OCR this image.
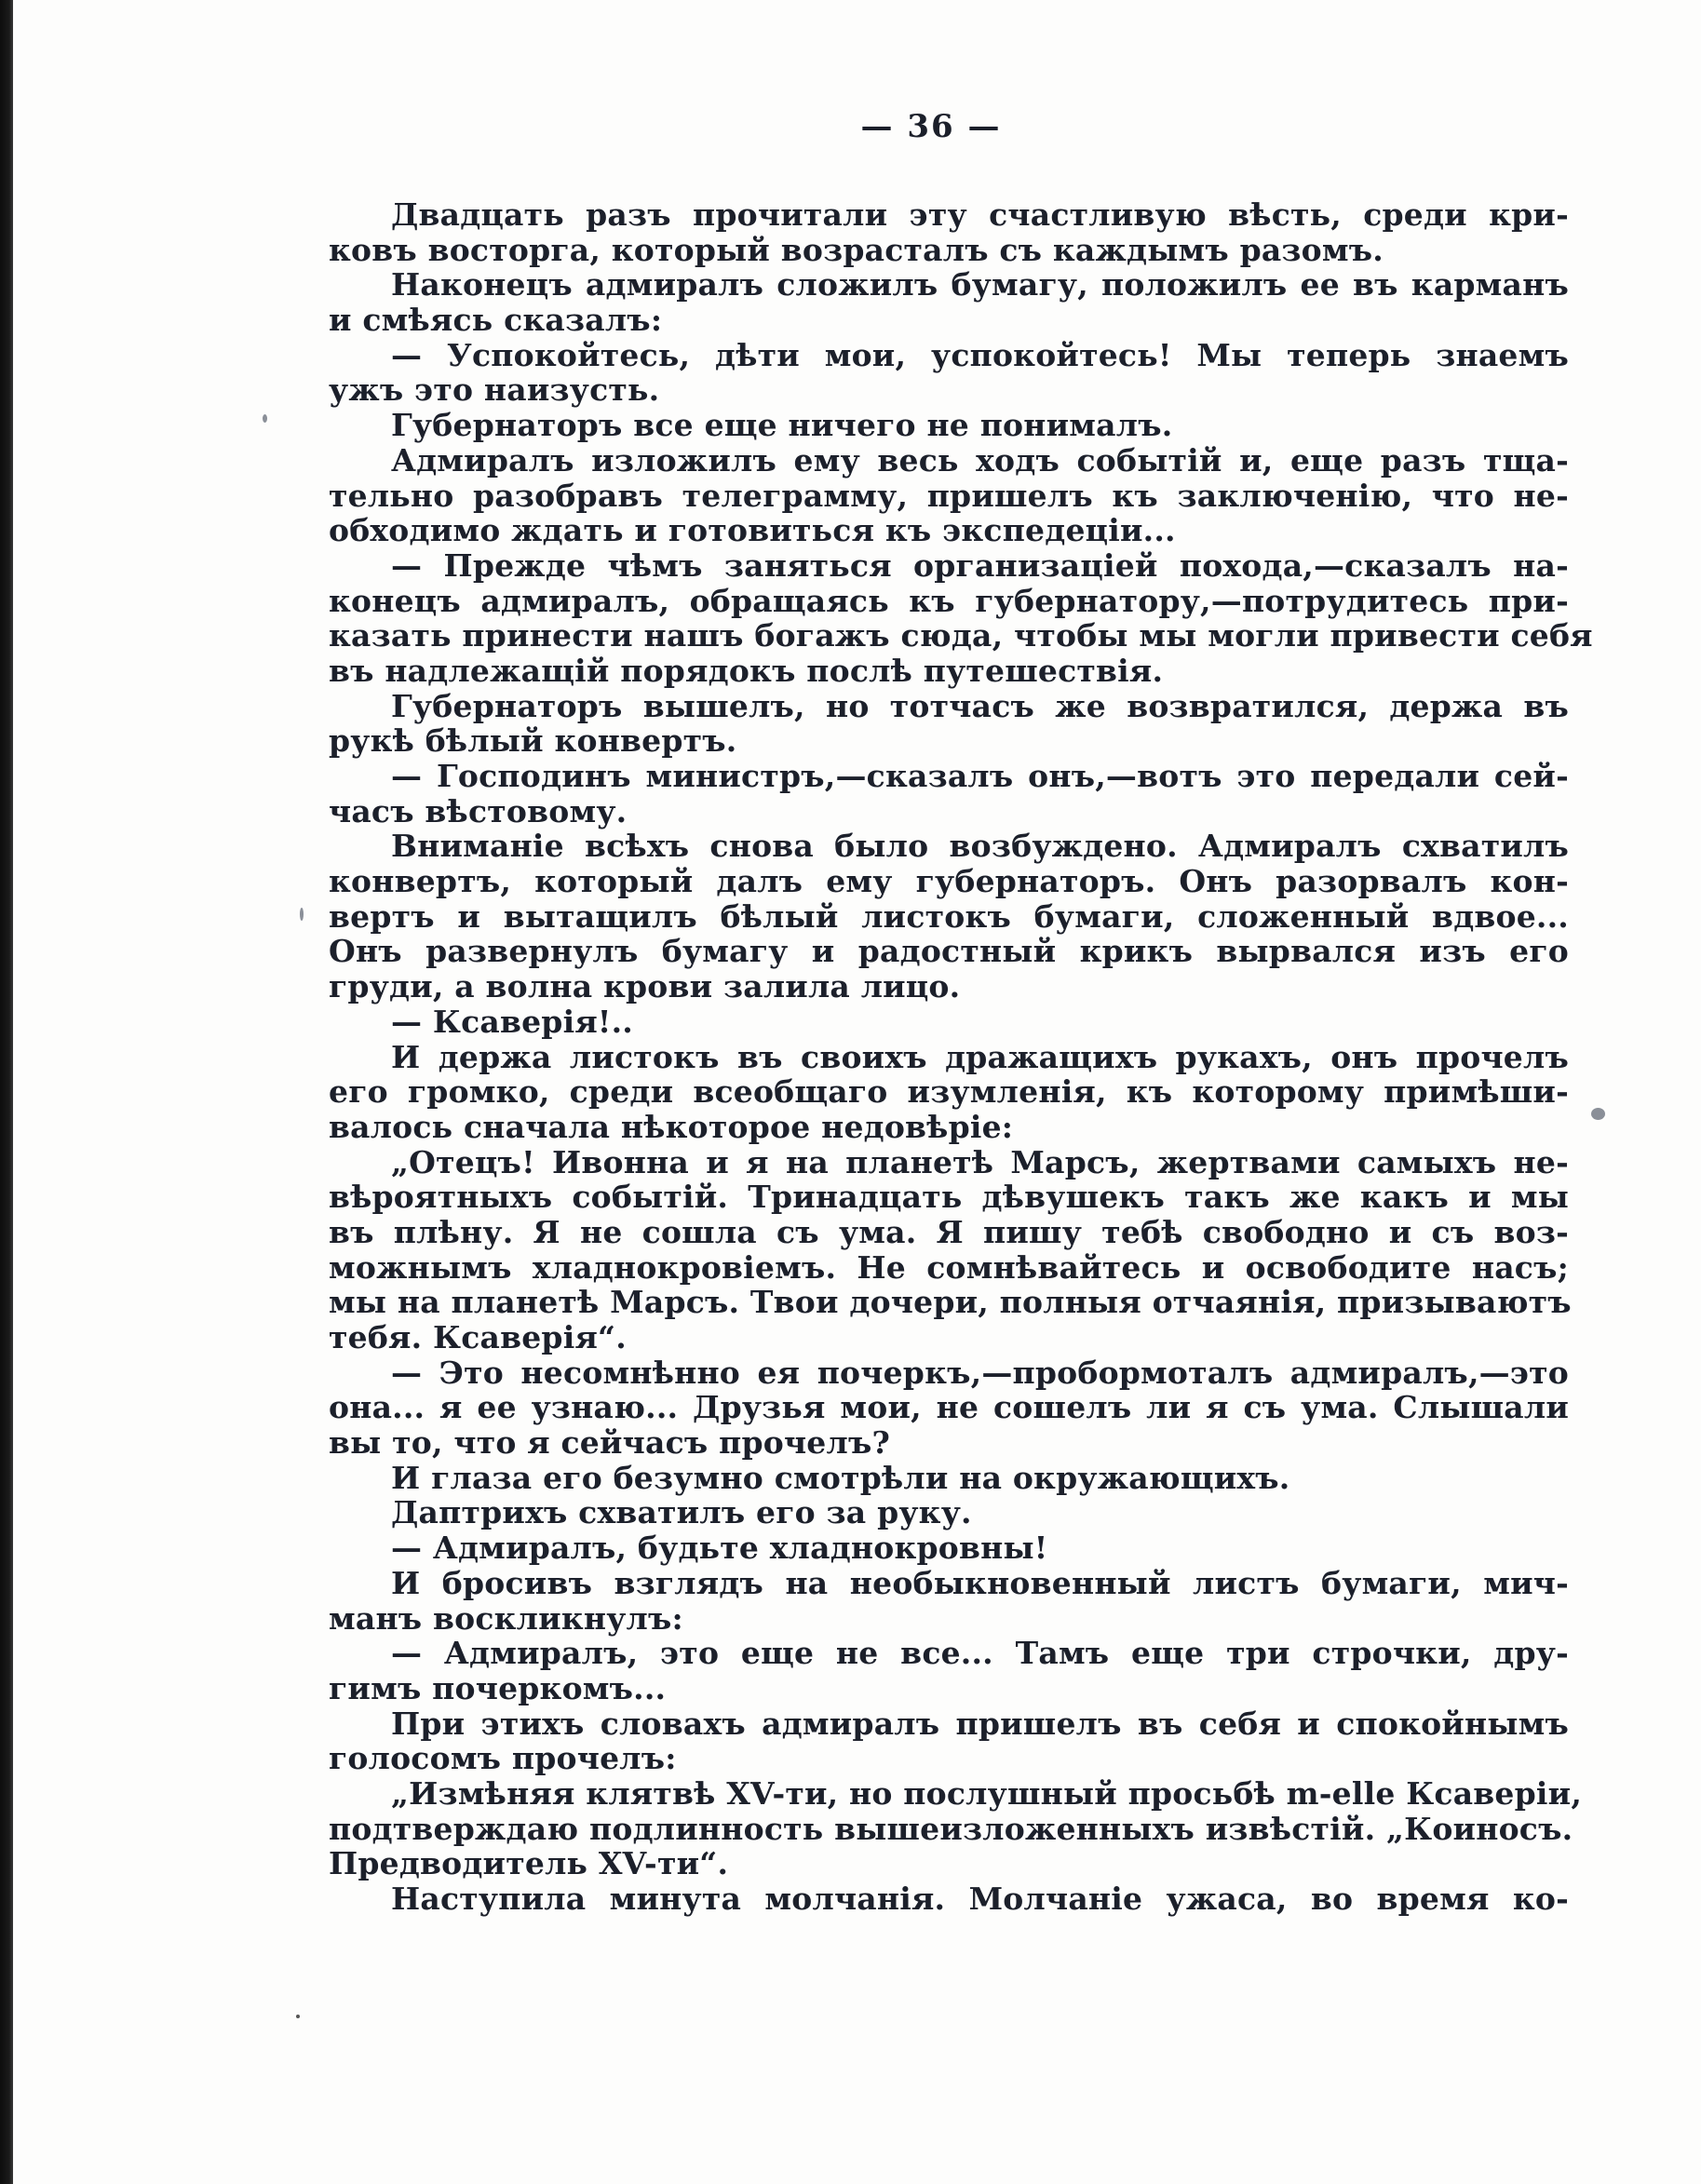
— 36 —
Двадцать разъ прочитали эту счастливую вѣсть, среди кри-
ковъ восторга, который возрасталъ съ каждымъ разомъ.
Наконецъ адмиралъ сложилъ бумагу, положилъ ее въ карманъ
и смѣясь сказалъ:
— Успокойтесь, дѣти мои, успокойтесь! Мы теперь знаемъ
ужъ это наизусть.
Губернаторъ все еще ничего не понималъ.
Адмиралъ изложилъ ему весь ходъ событій и, еще разъ тща-
тельно разобравъ телеграмму, пришелъ къ заключенію, что не-
обходимо ждать и готовиться къ экспедеціи...
— Прежде чѣмъ заняться организаціей похода,—сказалъ на-
конецъ адмиралъ, обращаясь къ губернатору,—потрудитесь при-
казать принести нашъ богажъ сюда, чтобы мы могли привести себя
въ надлежащій порядокъ послѣ путешествія.
Губернаторъ вышелъ, но тотчасъ же возвратился, держа въ
рукѣ бѣлый конвертъ.
— Господинъ министръ,—сказалъ онъ,—вотъ это передали сей-
часъ вѣстовому.
Вниманіе всѣхъ снова было возбуждено. Адмиралъ схватилъ
конвертъ, который далъ ему губернаторъ. Онъ разорвалъ кон-
вертъ и вытащилъ бѣлый листокъ бумаги, сложенный вдвое...
Онъ развернулъ бумагу и радостный крикъ вырвался изъ его
груди, а волна крови залила лицо.
— Ксаверія!..
И держа листокъ въ своихъ дражащихъ рукахъ, онъ прочелъ
его громко, среди всеобщаго изумленія, къ которому примѣши-
валось сначала нѣкоторое недовѣріе:
„Отецъ! Ивонна и я на планетѣ Марсъ, жертвами самыхъ не-
вѣроятныхъ событій. Тринадцать дѣвушекъ такъ же какъ и мы
въ плѣну. Я не сошла съ ума. Я пишу тебѣ свободно и съ воз-
можнымъ хладнокровіемъ. Не сомнѣвайтесь и освободите насъ;
мы на планетѣ Марсъ. Твои дочери, полныя отчаянія, призываютъ
тебя. Ксаверія“.
— Это несомнѣнно ея почеркъ,—пробормоталъ адмиралъ,—это
она... я ее узнаю... Друзья мои, не сошелъ ли я съ ума. Слышали
вы то, что я сейчасъ прочелъ?
И глаза его безумно смотрѣли на окружающихъ.
Даптрихъ схватилъ его за руку.
— Адмиралъ, будьте хладнокровны!
И бросивъ взглядъ на необыкновенный листъ бумаги, мич-
манъ воскликнулъ:
— Адмиралъ, это еще не все... Тамъ еще три строчки, дру-
гимъ почеркомъ...
При этихъ словахъ адмиралъ пришелъ въ себя и спокойнымъ
голосомъ прочелъ:
„Измѣняя клятвѣ XV-ти, но послушный просьбѣ m-elle Ксаверіи,
подтверждаю подлинность вышеизложенныхъ извѣстій. „Коиносъ.
Предводитель XV-ти“.
Наступила минута молчанія. Молчаніе ужаса, во время ко-
